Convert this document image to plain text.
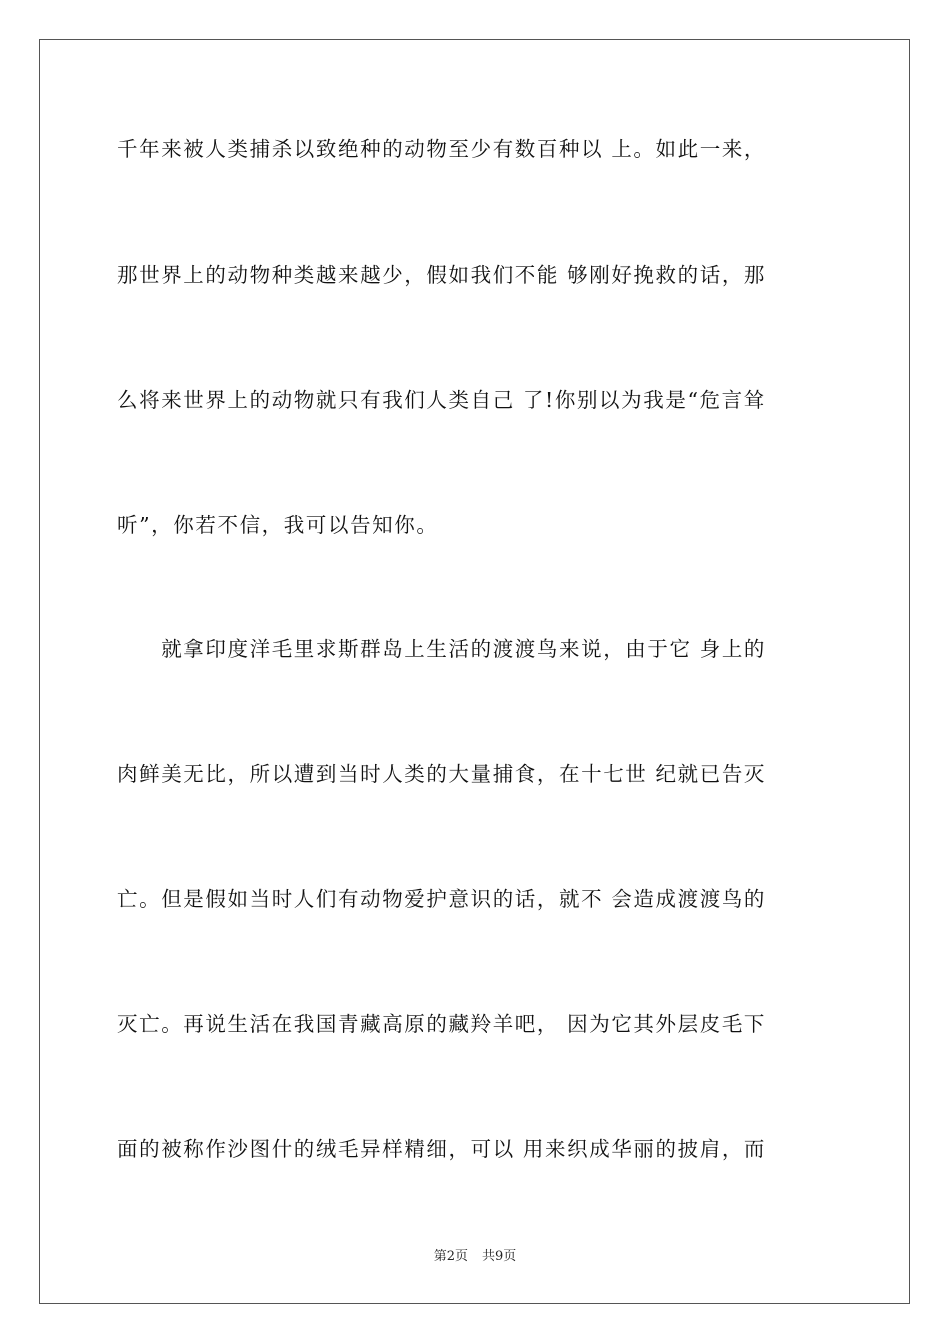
千年来被人类捕杀以致绝种的动物至少有数百种以 上。如此一来，
那世界上的动物种类越来越少，假如我们不能 够刚好挽救的话，那
么将来世界上的动物就只有我们人类自己 了!你别以为我是“危言耸
听”，你若不信，我可以告知你。
　　就拿印度洋毛里求斯群岛上生活的渡渡鸟来说，由于它 身上的
肉鲜美无比，所以遭到当时人类的大量捕食，在十七世 纪就已告灭
亡。但是假如当时人们有动物爱护意识的话，就不 会造成渡渡鸟的
灭亡。再说生活在我国青藏高原的藏羚羊吧， 因为它其外层皮毛下
面的被称作沙图什的绒毛异样精细，可以 用来织成华丽的披肩，而
第2页 共9页
